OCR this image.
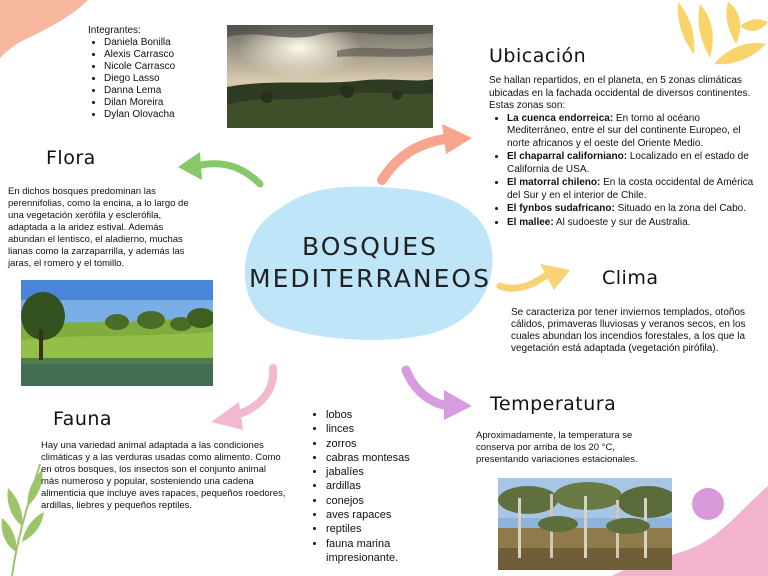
Integrantes:
• Daniela Bonilla
• Alexis Carrasco
• Nicole Carrasco
• Diego Lasso
• Danna Lema
• Dilan Moreira
• Dylan Olovacha
BOSQUES
MEDITERRANEOS
Flora
En dichos bosques predominan las perennifolias, como la encina, a lo largo de una vegetación xerófila y esclerófila, adaptada a la aridez estival. Además abundan el lentisco, el aladierno, muchas lianas como la zarzaparrilla, y además las jaras, el romero y el tomillo.
Ubicación
Se hallan repartidos, en el planeta, en 5 zonas climáticas ubicadas en la fachada occidental de diversos continentes. Estas zonas son:
• La cuenca endorreica: En torno al océano Mediterráneo, entre el sur del continente Europeo, el norte africanos y el oeste del Oriente Medio.
• El chaparral californiano: Localizado en el estado de California de USA.
• El matorral chileno: En la costa occidental de América del Sur y en el interior de Chile.
• El fynbos sudafricano: Situado en la zona del Cabo.
• El mallee: Al sudoeste y sur de Australia.
Clima
Se caracteriza por tener inviernos templados, otoños cálidos, primaveras lluviosas y veranos secos, en los cuales abundan los incendios forestales, a los que la vegetación está adaptada (vegetación pirófila).
Fauna
Hay una variedad animal adaptada a las condiciones climáticas y a las verduras usadas como alimento. Como en otros bosques, los insectos son el conjunto animal más numeroso y popular, sosteniendo una cadena alimenticia que incluye aves rapaces, pequeños roedores, ardillas, liebres y pequeños reptiles.
• lobos
• linces
• zorros
• cabras montesas
• jabalíes
• ardillas
• conejos
• aves rapaces
• reptiles
• fauna marina impresionante.
Temperatura
Aproximadamente, la temperatura se conserva por arriba de los 20 °C, presentando variaciones estacionales.
